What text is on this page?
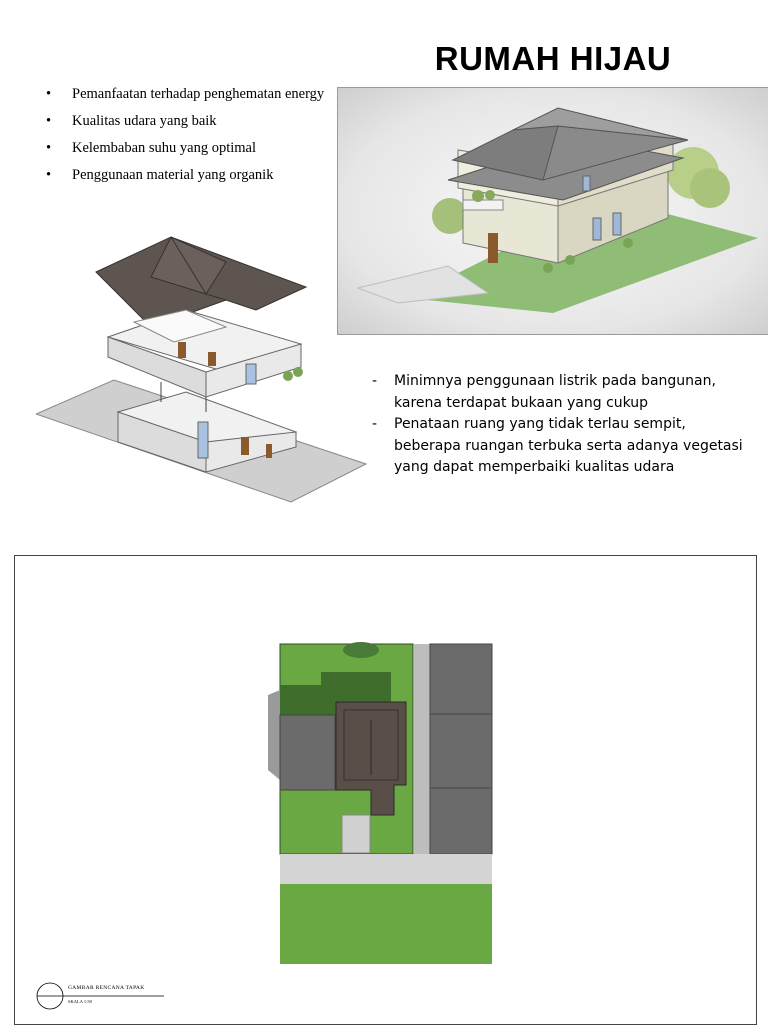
RUMAH HIJAU
• Pemanfaatan terhadap penghematan energy
• Kualitas udara yang baik
• Kelembaban suhu yang optimal
• Penggunaan material yang organik
- Minimnya penggunaan listrik pada bangunan, karena terdapat bukaan yang cukup
- Penataan ruang yang tidak terlau sempit, beberapa ruangan terbuka serta adanya vegetasi yang dapat memperbaiki kualitas udara
GAMBAR RENCANA TAPAK
SKALA 1:50
